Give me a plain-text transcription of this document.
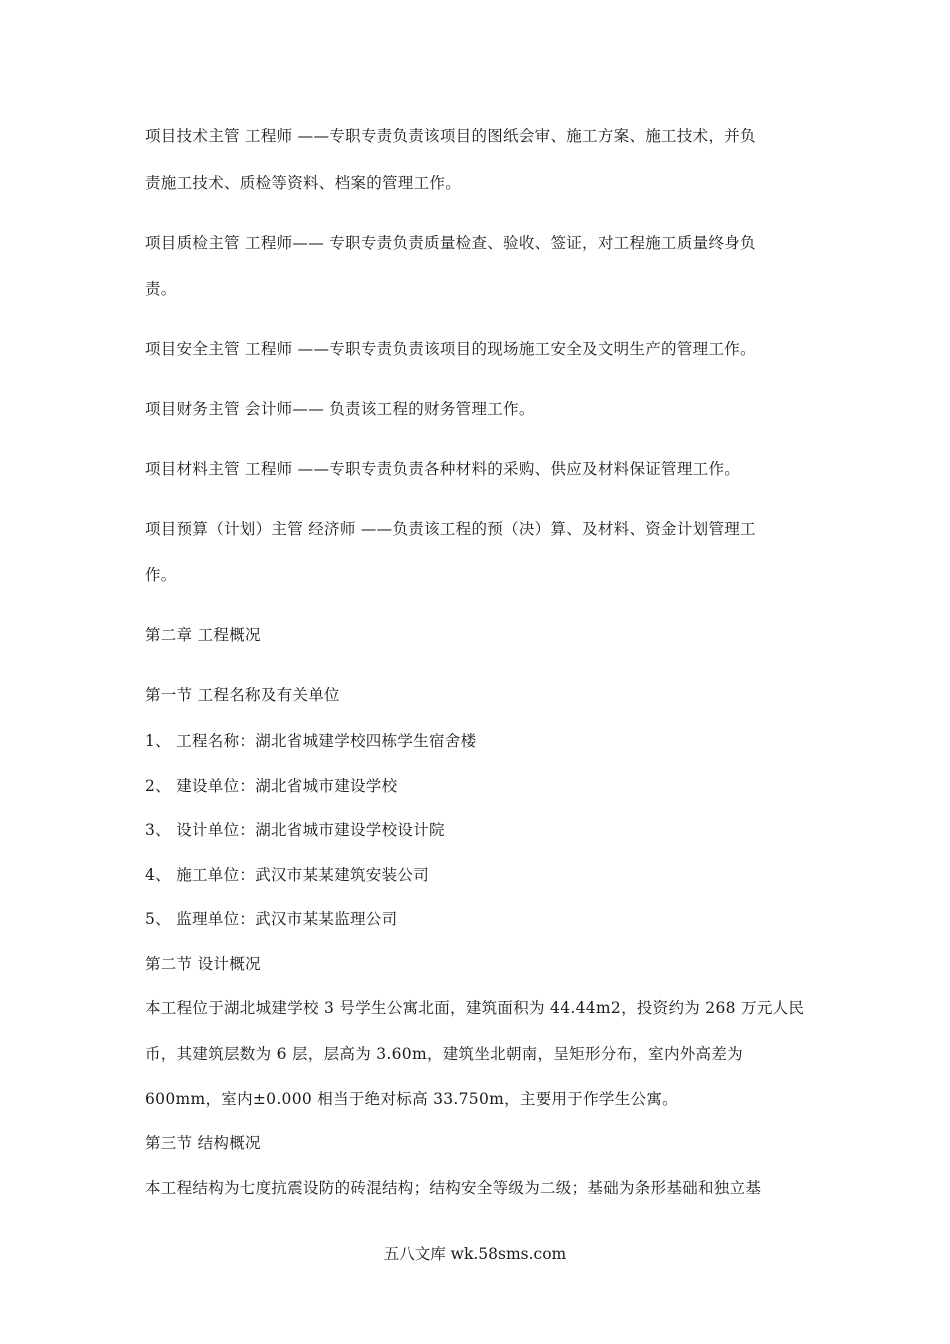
项目技术主管 工程师 ——专职专责负责该项目的图纸会审、施工方案、施工技术，并负

责施工技术、质检等资料、档案的管理工作。

项目质检主管 工程师—— 专职专责负责质量检查、验收、签证，对工程施工质量终身负

责。

项目安全主管 工程师 ——专职专责负责该项目的现场施工安全及文明生产的管理工作。

项目财务主管 会计师—— 负责该工程的财务管理工作。

项目材料主管 工程师 ——专职专责负责各种材料的采购、供应及材料保证管理工作。

项目预算（计划）主管 经济师 ——负责该工程的预（决）算、及材料、资金计划管理工

作。

第二章 工程概况

第一节 工程名称及有关单位

1、 工程名称：湖北省城建学校四栋学生宿舍楼

2、 建设单位：湖北省城市建设学校

3、 设计单位：湖北省城市建设学校设计院

4、 施工单位：武汉市某某建筑安装公司

5、 监理单位：武汉市某某监理公司

第二节 设计概况

本工程位于湖北城建学校 3 号学生公寓北面，建筑面积为 44.44m2，投资约为 268 万元人民

币，其建筑层数为 6 层，层高为 3.60m，建筑坐北朝南，呈矩形分布，室内外高差为

600mm，室内±0.000 相当于绝对标高 33.750m，主要用于作学生公寓。

第三节 结构概况

本工程结构为七度抗震设防的砖混结构；结构安全等级为二级；基础为条形基础和独立基

五八文库 wk.58sms.com
